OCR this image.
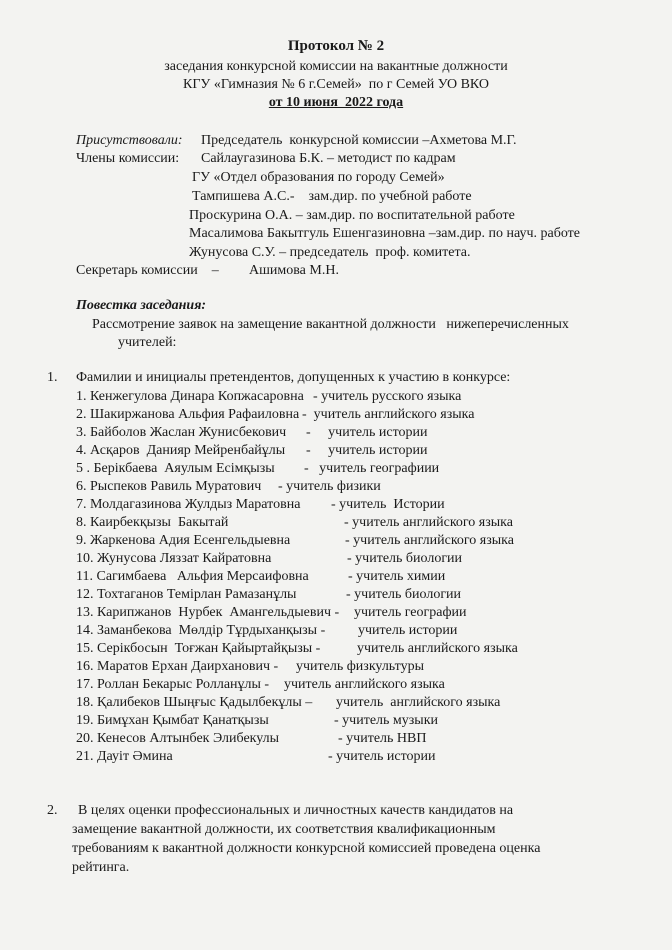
Протокол № 2
заседания конкурсной комиссии на вакантные должности
КГУ «Гимназия № 6 г.Семей»  по г Семей УО ВКО
от 10 июня  2022 года
Присутствовали: Председатель  конкурсной комиссии –Ахметова М.Г.
Члены комиссии: Сайлаугазинова Б.К. – методист по кадрам
ГУ «Отдел образования по городу Семей»
Тампишева А.С.-    зам.дир. по учебной работе
Проскурина О.А. – зам.дир. по воспитательной работе
Масалимова Бакытгуль Ешенгазиновна –зам.дир. по науч. работе
Жунусова С.У. – председатель  проф. комитета.
Секретарь комиссии    – Ашимова М.Н.
Повестка заседания:
Рассмотрение заявок на замещение вакантной должности   нижеперечисленных
учителей:
1. Фамилии и инициалы претендентов, допущенных к участию в конкурсе:
1. Кенжегулова Динара Копжасаровна - учитель русского языка
2. Шакиржанова Альфия Рафаиловна -  учитель английского языка
3. Байболов Жаслан Жунисбекович -     учитель истории
4. Асқаров  Данияр Мейренбайұлы -     учитель истории
5 . Берікбаева  Аяулым Есімқызы -   учитель географиии
6. Рыспеков Равиль Муратович - учитель физики
7. Молдагазинова Жулдыз Маратовна - учитель  Истории
8. Каирбекқызы  Бакытай	- учитель английского языка
9. Жаркенова Адия Есенгельдыевна	- учитель английского языка
10. Жунусова Ляззат Кайратовна	- учитель биологии
11. Сагимбаева   Альфия Мерсаифовна	- учитель химии
12. Тохтаганов Темірлан Рамазанұлы	- учитель биологии
13. Карипжанов  Нурбек  Амангельдыевич - учитель географии
14. Заманбекова  Мөлдір Тұрдыханқызы - учитель истории
15. Серікбосын  Тоғжан Қайыртайқызы -	учитель английского языка
16. Маратов Ерхан Даирханович - учитель физкультуры
17. Роллан Бекарыс Ролланұлы - учитель английского языка
18. Қалибеков Шыңғыс Қадылбекұлы – учитель  английского языка
19. Бимұхан Қымбат Қанатқызы	- учитель музыки
20. Кенесов Алтынбек Элибекулы	- учитель НВП
21. Дауіт Әмина	- учитель истории
2. В целях оценки профессиональных и личностных качеств кандидатов на
замещение вакантной должности, их соответствия квалификационным
требованиям к вакантной должности конкурсной комиссией проведена оценка
рейтинга.
